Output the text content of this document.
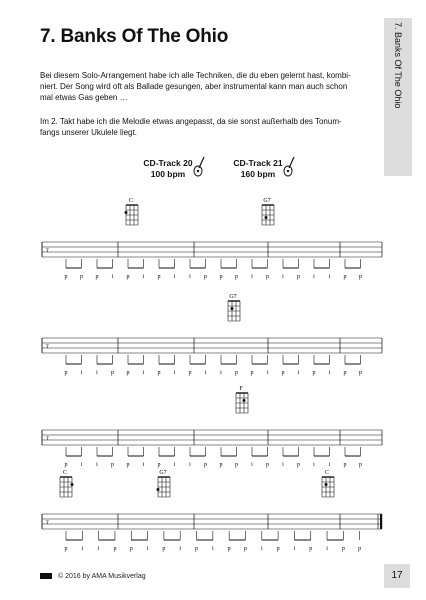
7. Banks Of The Ohio	7. Banks Of The Ohio
Bei diesem Solo-Arrangement habe ich alle Techniken, die du eben gelernt hast, kombi-
niert. Der Song wird oft als Ballade gesungen, aber instrumental kann man auch schon
mal etwas Gas geben …
Im 2. Takt habe ich die Melodie etwas angepasst, da sie sonst außerhalb des Tonum-
fangs unserer Ukulele liegt.
CD-Track 20
100 bpm
CD-Track 21
160 bpm
C	G7
T
p p p i p i p i i p p p i p i p i i p p
G7
T
p i i p p i p i p i i p p i p i p i p p
F
T
p i i p p i p i i p p p i p i p i i p p
C	G7	C
T
p i i p p i p i p i p p i p i p i p p
© 2016 by AMA Musikverlag	17
